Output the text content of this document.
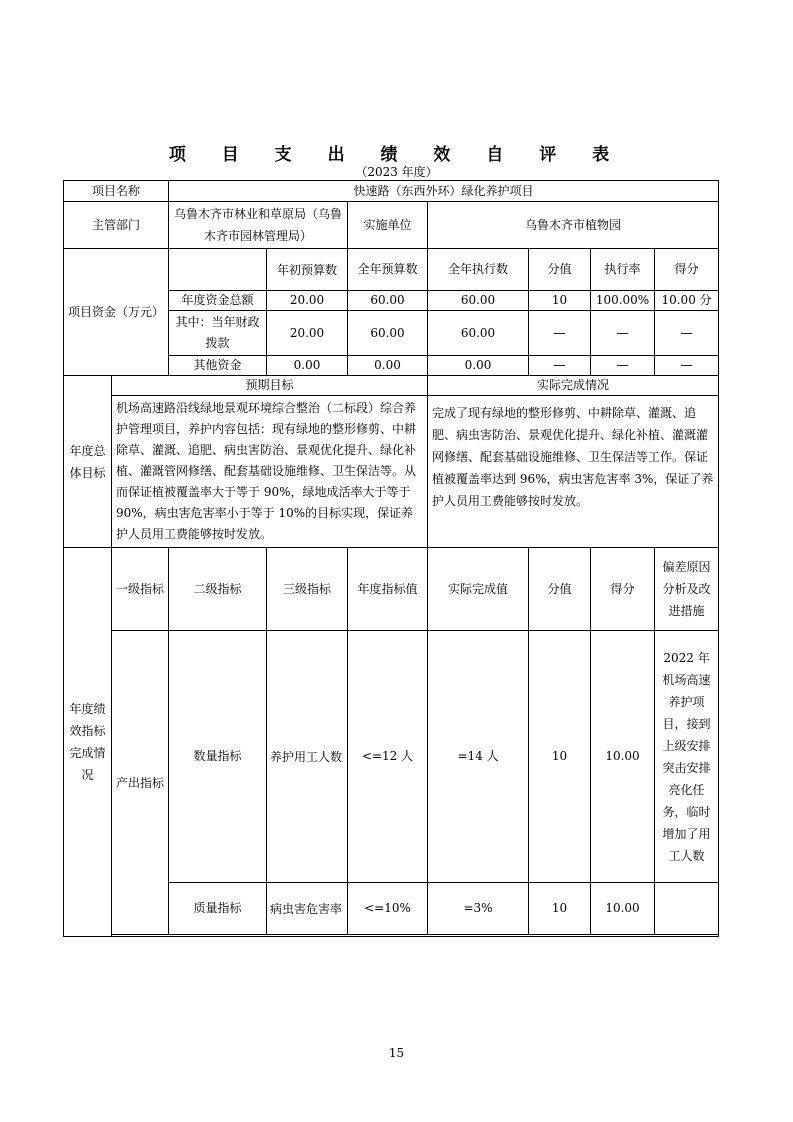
项 目 支 出 绩 效 自 评 表
（2023 年度）
项目名称		快速路（东西外环）绿化养护项目						
主管部门		乌鲁木齐市林业和草原局（乌鲁木齐市园林管理局）		实施单位	乌鲁木齐市植物园			
项目资金（万元）			年初预算数	全年预算数	全年执行数	分值	执行率	得分
		年度资金总额	20.00	60.00	60.00	10	100.00%	10.00 分
		其中：当年财政拨款	20.00	60.00	60.00	—	—	—
		其他资金	0.00	0.00	0.00	—	—	—
年度总体目标	预期目标				实际完成情况			
	机场高速路沿线绿地景观环境综合整治（二标段）综合养护管理项目，养护内容包括：现有绿地的整形修剪、中耕除草、灌溉、追肥、病虫害防治、景观优化提升、绿化补植、灌溉管网修缮、配套基础设施维修、卫生保洁等。从而保证植被覆盖率大于等于 90%，绿地成活率大于等于 90%，病虫害危害率小于等于 10%的目标实现，保证养护人员用工费能够按时发放。				完成了现有绿地的整形修剪、中耕除草、灌溉、追肥、病虫害防治、景观优化提升、绿化补植、灌溉灌网修缮、配套基础设施维修、卫生保洁等工作。保证植被覆盖率达到 96%，病虫害危害率 3%，保证了养护人员用工费能够按时发放。			
年度绩效指标完成情况	一级指标	二级指标	三级指标	年度指标值	实际完成值	分值	得分	偏差原因分析及改进措施
	产出指标	数量指标	养护用工人数	<=12 人	=14 人	10	10.00	2022 年机场高速养护项目，接到上级安排突击安排亮化任务，临时增加了用工人数
		质量指标	病虫害危害率	<=10%	=3%	10	10.00	

15
